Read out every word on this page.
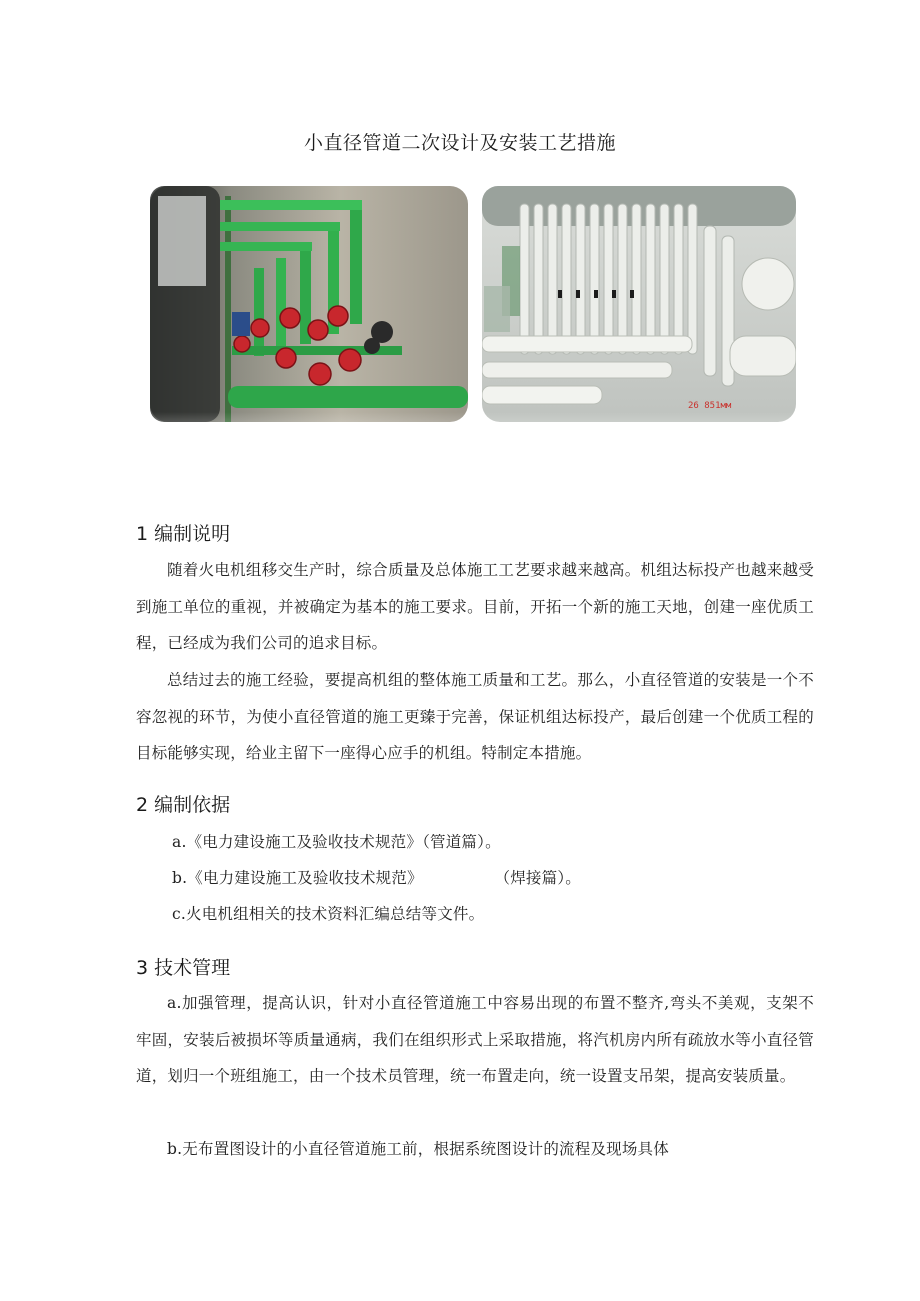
小直径管道二次设计及安装工艺措施
26 851мм
1 编制说明

随着火电机组移交生产时，综合质量及总体施工工艺要求越来越高。机组达标投产也越来越受到施工单位的重视，并被确定为基本的施工要求。目前，开拓一个新的施工天地，创建一座优质工程，已经成为我们公司的追求目标。

总结过去的施工经验，要提高机组的整体施工质量和工艺。那么，小直径管道的安装是一个不容忽视的环节，为使小直径管道的施工更臻于完善，保证机组达标投产，最后创建一个优质工程的目标能够实现，给业主留下一座得心应手的机组。特制定本措施。

2 编制依据
a.《电力建设施工及验收技术规范》（管道篇）。
b.《电力建设施工及验收技术规范》              （焊接篇）。
c.火电机组相关的技术资料汇编总结等文件。
3 技术管理

a.加强管理，提高认识，针对小直径管道施工中容易出现的布置不整齐,弯头不美观，支架不牢固，安装后被损坏等质量通病，我们在组织形式上采取措施，将汽机房内所有疏放水等小直径管道，划归一个班组施工，由一个技术员管理，统一布置走向，统一设置支吊架，提高安装质量。

b.无布置图设计的小直径管道施工前，根据系统图设计的流程及现场具体
